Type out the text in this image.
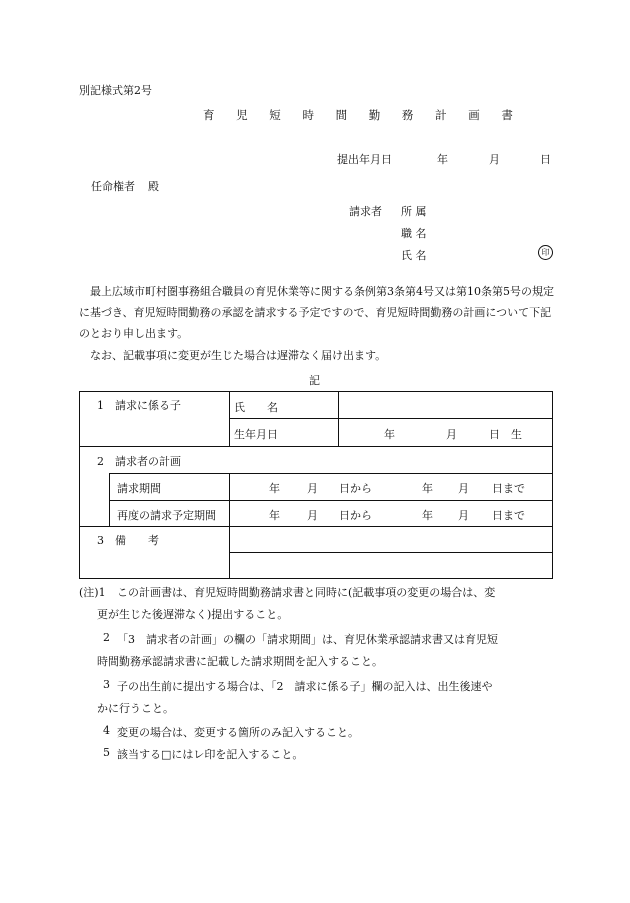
別記様式第2号
育 児 短 時 間 勤 務 計 画 書
提出年月日	年	月	日
任命権者 殿
請求者 所 属
職 名
氏 名	印
最上広域市町村圏事務組合職員の育児休業等に関する条例第3条第4号又は第10条第5号の規定に基づき、育児短時間勤務の承認を請求する予定ですので、育児短時間勤務の計画について下記のとおり申し出ます。
なお、記載事項に変更が生じた場合は遅滞なく届け出ます。
記
1　請求に係る子	氏　　名
生年月日	年	月	日　生
2　請求者の計画
請求期間	年 月 日から	年 月 日まで
再度の請求予定期間	年 月 日から	年 月 日まで
3　備　　考
(注)1 この計画書は、育児短時間勤務請求書と同時に(記載事項の変更の場合は、変
更が生じた後遅滞なく)提出すること。
2 「3　請求者の計画」の欄の「請求期間」は、育児休業承認請求書又は育児短
時間勤務承認請求書に記載した請求期間を記入すること。
3 子の出生前に提出する場合は、「2　請求に係る子」欄の記入は、出生後速や
かに行うこと。
4 変更の場合は、変更する箇所のみ記入すること。
5 該当する□にはレ印を記入すること。
